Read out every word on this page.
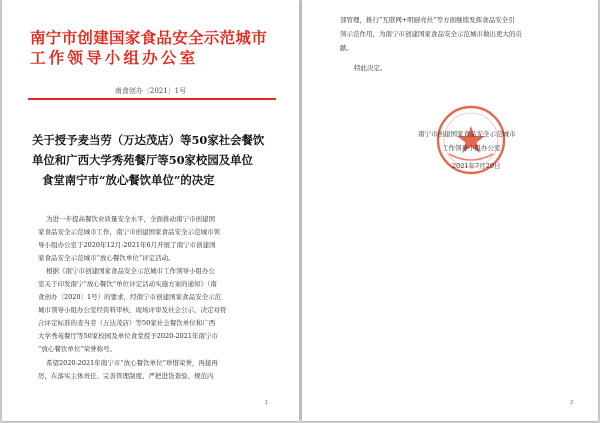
南宁市创建国家食品安全示范城市
工作领导小组办公室
南食创办〔2021〕1号
关于授予麦当劳（万达茂店）等50家社会餐饮
单位和广西大学秀苑餐厅等50家校园及单位
食堂南宁市“放心餐饮单位”的决定
为进一步提高餐饮业质量安全水平，全面推动南宁市创建国
家食品安全示范城市工作，南宁市创建国家食品安全示范城市领
导小组办公室于2020年12月-2021年6月开展了南宁市创建国
家食品安全示范城市“放心餐饮单位”评定活动。
根据《南宁市创建国家食品安全示范城市工作领导小组办公
室关于印发南宁“放心餐饮”单位评定活动实施方案的通知》（南
食创办〔2020〕1号）的要求，经南宁市创建国家食品安全示范
城市领导小组办公室经资料审核、现场评审及社会公示，决定对符
合评定标准的麦当劳（万达茂店）等50家社会餐饮单位和广西
大学秀苑餐厅等50家校园及单位食堂授予2020-2021年南宁市
“放心餐饮单位”荣誉称号。
希望2020-2021年南宁市“放心餐饮单位”珍惜荣誉，再接再
厉，在落实主体责任、完善管理制度、严把进货查验、规范内
1
部管理，推行“互联网+明厨亮灶”等方面继续发挥食品安全引
领示范作用，为南宁市创建国家食品安全示范城市做出更大的贡
献。
特此决定。
南宁市创建国家食品安全示范城市
工作领导小组办公室
2021年7月29日
2
